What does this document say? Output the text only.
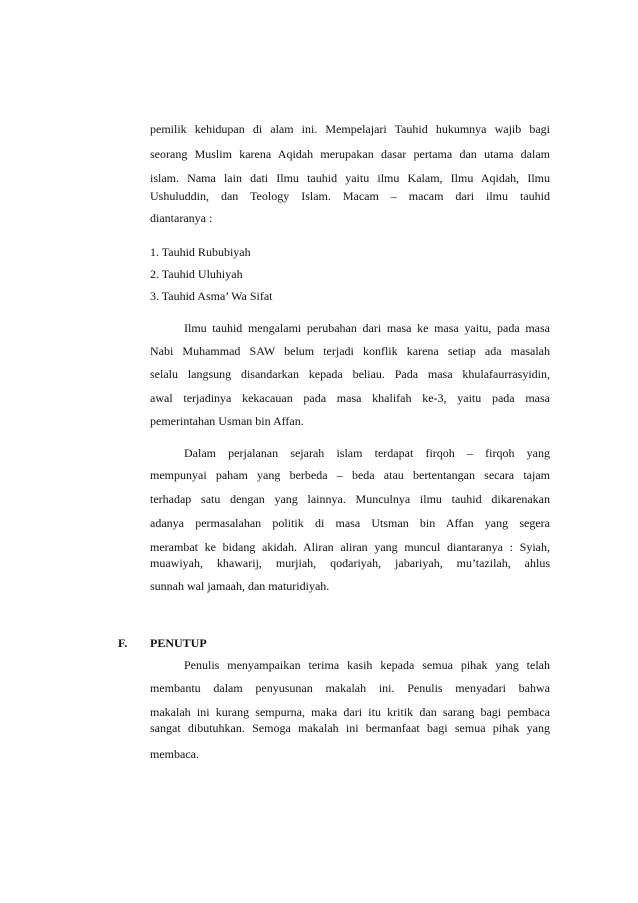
pemilik kehidupan di alam ini. Mempelajari Tauhid hukumnya wajib bagi
seorang Muslim karena Aqidah merupakan dasar pertama dan utama dalam
islam. Nama lain dati Ilmu tauhid yaitu ilmu Kalam, Ilmu Aqidah, Ilmu
Ushuluddin, dan Teology Islam. Macam – macam dari ilmu tauhid
diantaranya :
1. Tauhid Rububiyah
2. Tauhid Uluhiyah
3. Tauhid Asma’ Wa Sifat
Ilmu tauhid mengalami perubahan dari masa ke masa yaitu, pada masa
Nabi Muhammad SAW belum terjadi konflik karena setiap ada masalah
selalu langsung disandarkan kepada beliau. Pada masa khulafaurrasyidin,
awal terjadinya kekacauan pada masa khalifah ke-3, yaitu pada masa
pemerintahan Usman bin Affan.
Dalam perjalanan sejarah islam terdapat firqoh – firqoh yang
mempunyai paham yang berbeda – beda atau bertentangan secara tajam
terhadap satu dengan yang lainnya. Munculnya ilmu tauhid dikarenakan
adanya permasalahan politik di masa Utsman bin Affan yang segera
merambat ke bidang akidah. Aliran aliran yang muncul diantaranya : Syiah,
muawiyah, khawarij, murjiah, qodariyah, jabariyah, mu’tazilah, ahlus
sunnah wal jamaah, dan maturidiyah.
F. PENUTUP
Penulis menyampaikan terima kasih kepada semua pihak yang telah
membantu dalam penyusunan makalah ini. Penulis menyadari bahwa
makalah ini kurang sempurna, maka dari itu kritik dan sarang bagi pembaca
sangat dibutuhkan. Semoga makalah ini bermanfaat bagi semua pihak yang
membaca.
